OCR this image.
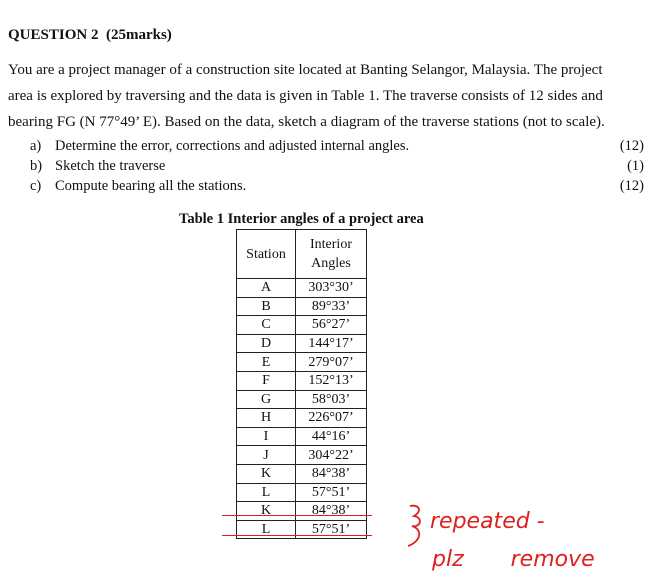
QUESTION 2 (25marks)
You are a project manager of a construction site located at Banting Selangor, Malaysia. The project
area is explored by traversing and the data is given in Table 1. The traverse consists of 12 sides and
bearing FG (N 77°49’ E). Based on the data, sketch a diagram of the traverse stations (not to scale).
a) Determine the error, corrections and adjusted internal angles.	(12)
b) Sketch the traverse	(1)
c) Compute bearing all the stations.	(12)
Table 1 Interior angles of a project area
Station	Interior
Angles

A	303°30’
B	89°33’
C	56°27’
D	144°17’
E	279°07’
F	152°13’
G	58°03’
H	226°07’
I	44°16’
J	304°22’
K	84°38’
L	57°51’
K	84°38’
L	57°51’	repeated -
plz remove
